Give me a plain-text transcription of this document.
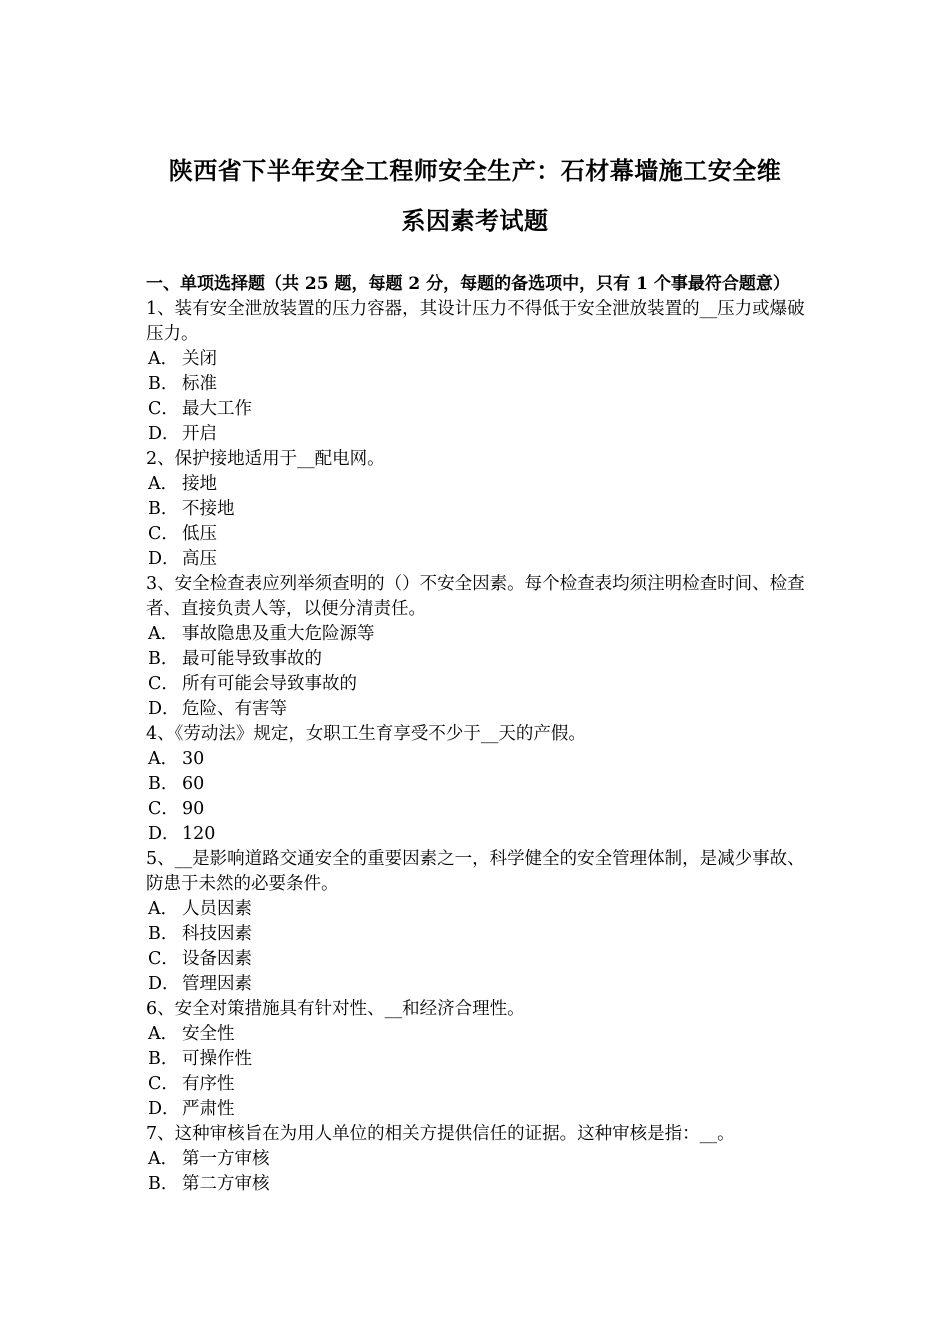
陕西省下半年安全工程师安全生产：石材幕墙施工安全维
系因素考试题
一、单项选择题（共 25 题，每题 2 分，每题的备选项中，只有 1 个事最符合题意）
1、装有安全泄放装置的压力容器，其设计压力不得低于安全泄放装置的__压力或爆破压力。
A． 关闭
B． 标准
C． 最大工作
D． 开启
2、保护接地适用于__配电网。
A． 接地
B． 不接地
C． 低压
D． 高压
3、安全检查表应列举须查明的（）不安全因素。每个检查表均须注明检查时间、检查者、直接负责人等，以便分清责任。
A． 事故隐患及重大危险源等
B． 最可能导致事故的
C． 所有可能会导致事故的
D． 危险、有害等
4、《劳动法》规定，女职工生育享受不少于__天的产假。
A． 30
B． 60
C． 90
D． 120
5、__是影响道路交通安全的重要因素之一，科学健全的安全管理体制，是减少事故、防患于未然的必要条件。
A． 人员因素
B． 科技因素
C． 设备因素
D． 管理因素
6、安全对策措施具有针对性、__和经济合理性。
A． 安全性
B． 可操作性
C． 有序性
D． 严肃性
7、这种审核旨在为用人单位的相关方提供信任的证据。这种审核是指：__。
A． 第一方审核
B． 第二方审核
